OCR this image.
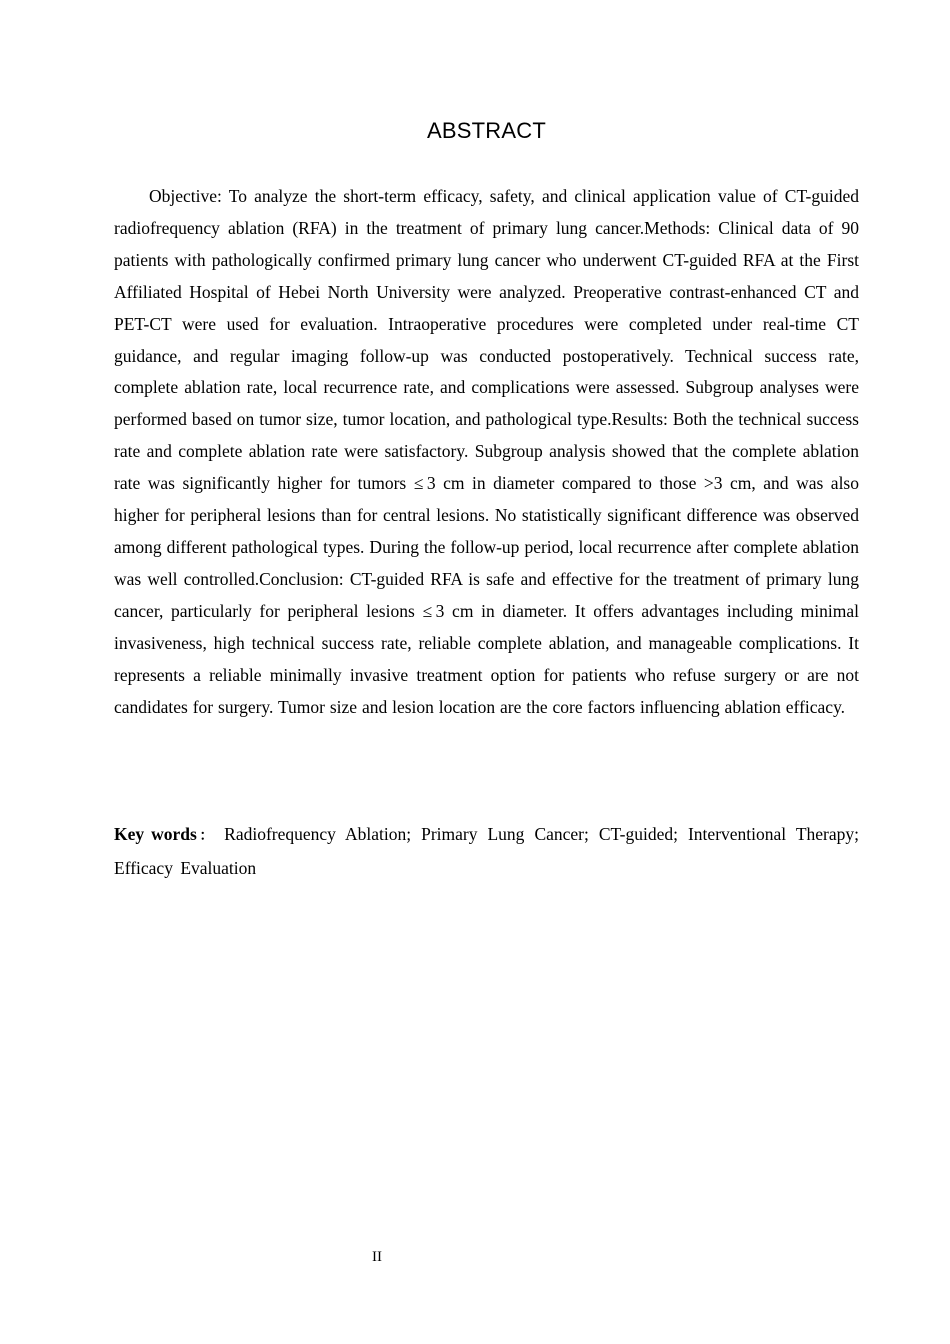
ABSTRACT

Objective: To analyze the short-term efficacy, safety, and clinical application value of CT-guided radiofrequency ablation (RFA) in the treatment of primary lung cancer.Methods: Clinical data of 90 patients with pathologically confirmed primary lung cancer who underwent CT-guided RFA at the First Affiliated Hospital of Hebei North University were analyzed. Preoperative contrast-enhanced CT and PET-CT were used for evaluation. Intraoperative procedures were completed under real-time CT guidance, and regular imaging follow-up was conducted postoperatively. Technical success rate, complete ablation rate, local recurrence rate, and complications were assessed. Subgroup analyses were performed based on tumor size, tumor location, and pathological type.Results: Both the technical success rate and complete ablation rate were satisfactory. Subgroup analysis showed that the complete ablation rate was significantly higher for tumors ≤ 3 cm in diameter compared to those >3 cm, and was also higher for peripheral lesions than for central lesions. No statistically significant difference was observed among different pathological types. During the follow-up period, local recurrence after complete ablation was well controlled.Conclusion: CT-guided RFA is safe and effective for the treatment of primary lung cancer, particularly for peripheral lesions ≤ 3 cm in diameter. It offers advantages including minimal invasiveness, high technical success rate, reliable complete ablation, and manageable complications. It represents a reliable minimally invasive treatment option for patients who refuse surgery or are not candidates for surgery. Tumor size and lesion location are the core factors influencing ablation efficacy.

Key words： Radiofrequency Ablation; Primary Lung Cancer; CT-guided; Interventional Therapy; Efficacy Evaluation

II
